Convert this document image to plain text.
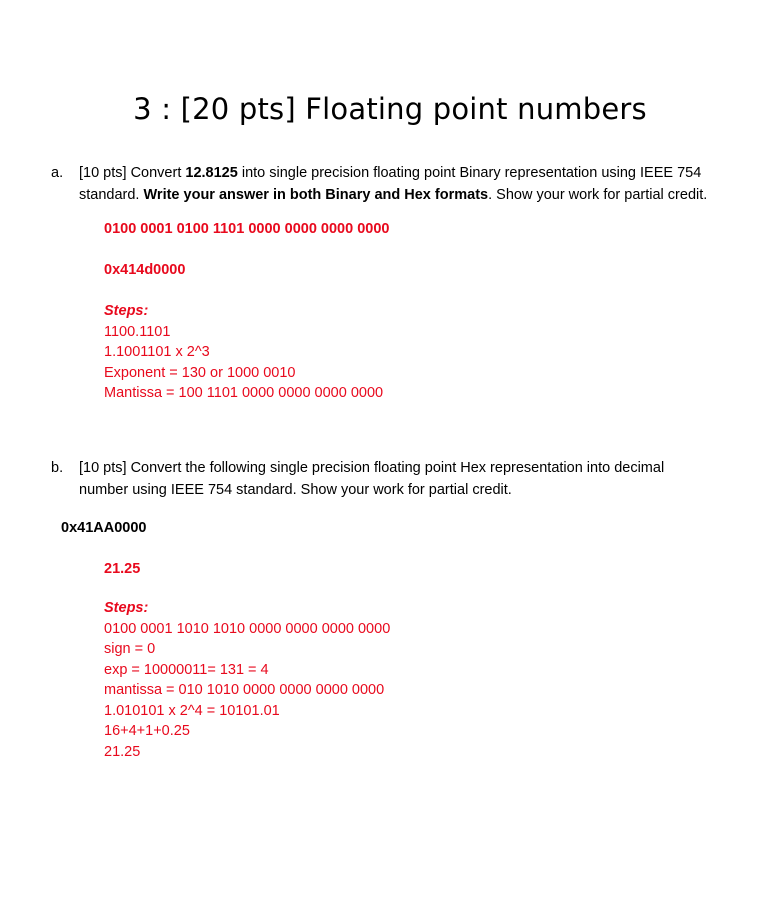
3 : [20 pts] Floating point numbers
a. [10 pts] Convert 12.8125 into single precision floating point Binary representation using IEEE 754
standard. Write your answer in both Binary and Hex formats. Show your work for partial credit.
0100 0001 0100 1101 0000 0000 0000 0000
0x414d0000
Steps:
1100.1101
1.1001101 x 2^3
Exponent = 130 or 1000 0010
Mantissa = 100 1101 0000 0000 0000 0000
b. [10 pts] Convert the following single precision floating point Hex representation into decimal
number using IEEE 754 standard. Show your work for partial credit.
0x41AA0000
21.25
Steps:
0100 0001 1010 1010 0000 0000 0000 0000
sign = 0
exp = 10000011= 131 = 4
mantissa = 010 1010 0000 0000 0000 0000
1.010101 x 2^4 = 10101.01
16+4+1+0.25
21.25
